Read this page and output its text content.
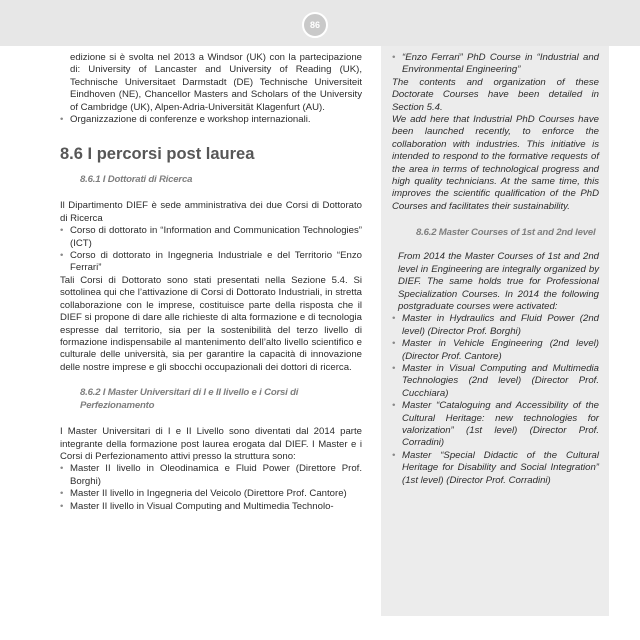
86

edizione si è svolta nel 2013 a Windsor (UK) con la partecipazione di: University of Lancaster and University of Reading (UK), Technische Universitaet Darmstadt (DE) Technische Universiteit Eindhoven (NE), Chancellor Masters and Scholars of the University of Cambridge (UK), Alpen-Adria-Universität Klagenfurt (AU).

• Organizzazione di conferenze e workshop internazionali.
8.6 I percorsi post laurea
8.6.1 I Dottorati di Ricerca

Il Dipartimento DIEF è sede amministrativa dei due Corsi di Dottorato di Ricerca

• Corso di dottorato in “Information and Communication Technologies” (ICT)
• Corso di dottorato in Ingegneria Industriale e del Territorio “Enzo Ferrari”

Tali Corsi di Dottorato sono stati presentati nella Sezione 5.4. Si sottolinea qui che l’attivazione di Corsi di Dottorato Industriali, in stretta collaborazione con le imprese, costituisce parte della risposta che il DIEF si propone di dare alle richieste di alta formazione e di tecnologia espresse dal territorio, sia per la sostenibilità del terzo livello di formazione indispensabile al mantenimento dell’alto livello scientifico e culturale delle università, sia per garantire la capacità di innovazione delle nostre imprese e gli sbocchi occupazionali dei dottori di ricerca.

8.6.2 I Master Universitari di I e II livello e i Corsi di Perfezionamento

I Master Universitari di I e II Livello sono diventati dal 2014 parte integrante della formazione post laurea erogata dal DIEF. I Master e i Corsi di Perfezionamento attivi presso la struttura sono:

• Master II livello in Oleodinamica e Fluid Power (Direttore Prof. Borghi)
• Master II livello in Ingegneria del Veicolo (Direttore Prof. Cantore)
• Master II livello in Visual Computing and Multimedia Technolo-
• “Enzo Ferrari” PhD Course in “Industrial and Environmental Engineering”

The contents and organization of these Doctorate Courses have been detailed in Section 5.4.

We add here that Industrial PhD Courses have been launched recently, to enforce the collaboration with industries. This initiative is intended to respond to the formative requests of the area in terms of technological progress and high quality technicians. At the same time, this improves the scientific qualification of the PhD Courses and facilitates their sustainability.

8.6.2 Master Courses of 1st and 2nd level

From 2014 the Master Courses of 1st and 2nd level in Engineering are integrally organized by DIEF. The same holds true for Professional Specialization Courses. In 2014 the following postgraduate courses were activated:

• Master in Hydraulics and Fluid Power (2nd level) (Director Prof. Borghi)
• Master in Vehicle Engineering (2nd level) (Director Prof. Cantore)
• Master in Visual Computing and Multimedia Technologies (2nd level) (Director Prof. Cucchiara)
• Master “Cataloguing and Accessibility of the Cultural Heritage: new technologies for valorization” (1st level) (Director Prof. Corradini)
• Master “Special Didactic of the Cultural Heritage for Disability and Social Integration” (1st level) (Director Prof. Corradini)
